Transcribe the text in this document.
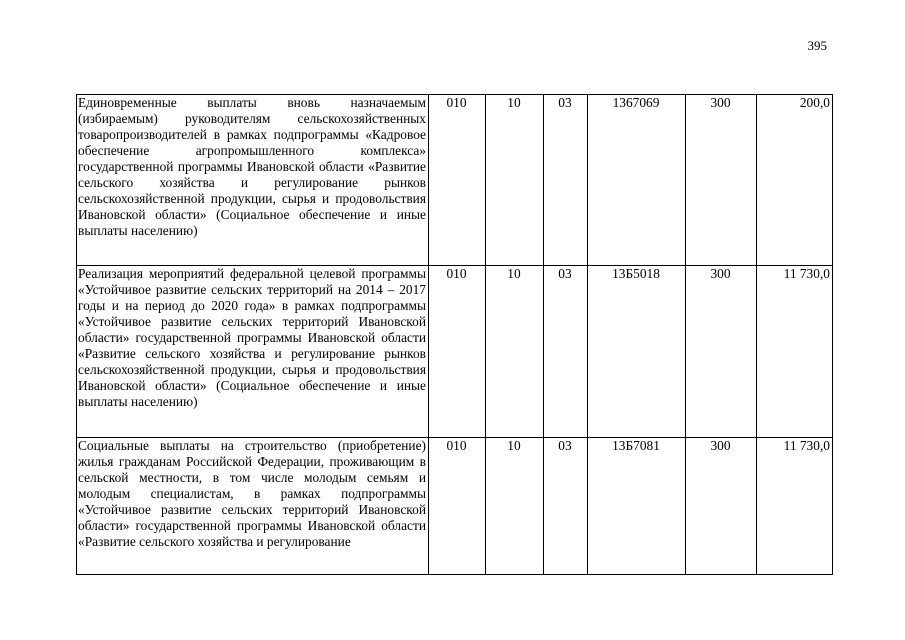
395
Единовременные выплаты вновь назначаемым (избираемым) руководителям сельскохозяйственных товаропроизводителей в рамках подпрограммы «Кадровое обеспечение агропромышленного комплекса» государственной программы Ивановской области «Развитие сельского хозяйства и регулирование рынков сельскохозяйственной продукции, сырья и продовольствия Ивановской области» (Социальное обеспечение и иные выплаты населению)	010	10	03	1367069	300	200,0
Реализация мероприятий федеральной целевой программы «Устойчивое развитие сельских территорий на 2014 – 2017 годы и на период до 2020 года» в рамках подпрограммы «Устойчивое развитие сельских территорий Ивановской области» государственной программы Ивановской области «Развитие сельского хозяйства и регулирование рынков сельскохозяйственной продукции, сырья и продовольствия Ивановской области» (Социальное обеспечение и иные выплаты населению)	010	10	03	13Б5018	300	11 730,0

Социальные выплаты на строительство (приобретение) жилья гражданам Российской Федерации, проживающим в сельской местности, в том числе молодым семьям и молодым специалистам, в рамках подпрограммы «Устойчивое развитие сельских территорий Ивановской области» государственной программы Ивановской области «Развитие сельского хозяйства и регулирование	010	10	03	13Б7081	300	11 730,0
